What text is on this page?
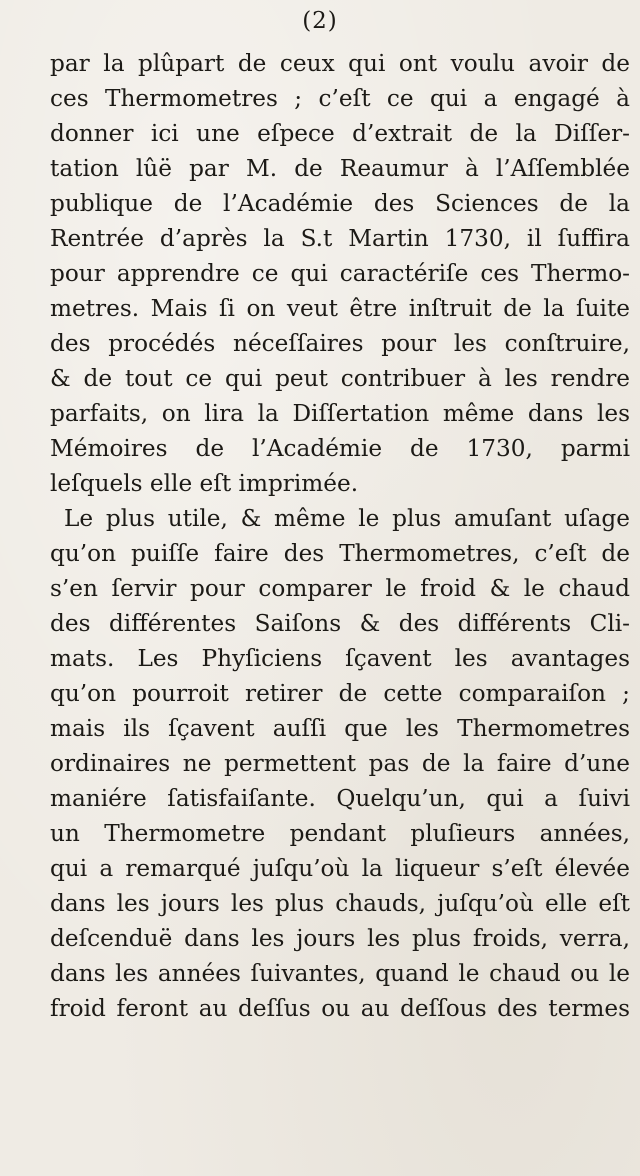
(2)
par la plûpart de ceux qui ont voulu avoir de
ces Thermometres ; c’eſt ce qui a engagé à
donner ici une eſpece d’extrait de la Diſſer-
tation lûë par M. de Reaumur à l’Aſſemblée
publique de l’Académie des Sciences de la
Rentrée d’après la S.t Martin 1730, il ſuffira
pour apprendre ce qui caractériſe ces Thermo-
metres. Mais ſi on veut être inſtruit de la ſuite
des procédés néceſſaires pour les conſtruire,
& de tout ce qui peut contribuer à les rendre
parfaits, on lira la Diſſertation même dans les
Mémoires de l’Académie de 1730, parmi
leſquels elle eſt imprimée.
Le plus utile, & même le plus amuſant uſage
qu’on puiſſe faire des Thermometres, c’eſt de
s’en ſervir pour comparer le froid & le chaud
des différentes Saiſons & des différents Cli-
mats. Les Phyſiciens ſçavent les avantages
qu’on pourroit retirer de cette comparaiſon ;
mais ils ſçavent auſſi que les Thermometres
ordinaires ne permettent pas de la faire d’une
maniére ſatisfaiſante. Quelqu’un, qui a ſuivi
un Thermometre pendant pluſieurs années,
qui a remarqué juſqu’où la liqueur s’eſt élevée
dans les jours les plus chauds, juſqu’où elle eſt
deſcenduë dans les jours les plus froids, verra,
dans les années ſuivantes, quand le chaud ou le
froid feront au deſſus ou au deſſous des termes
